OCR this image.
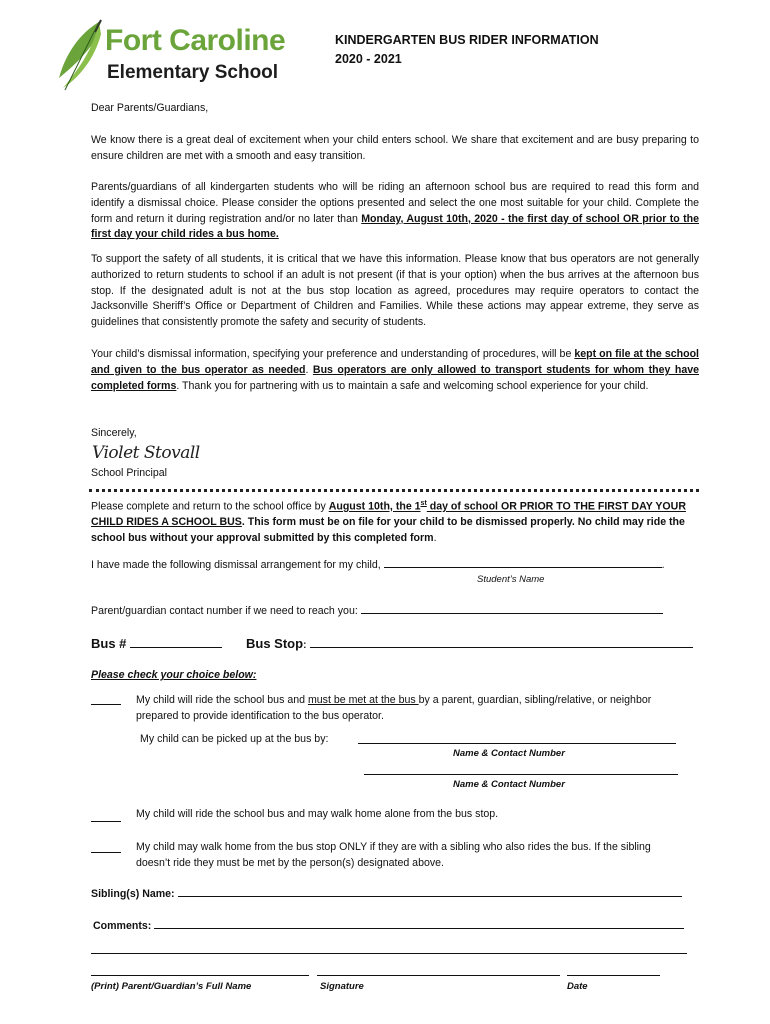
Fort Caroline
Elementary School
KINDERGARTEN BUS RIDER INFORMATION
2020 - 2021
Dear Parents/Guardians,
We know there is a great deal of excitement when your child enters school. We share that excitement and are busy preparing to ensure children are met with a smooth and easy transition.
Parents/guardians of all kindergarten students who will be riding an afternoon school bus are required to read this form and identify a dismissal choice. Please consider the options presented and select the one most suitable for your child. Complete the form and return it during registration and/or no later than Monday, August 10th, 2020 - the first day of school OR prior to the first day your child rides a bus home.
To support the safety of all students, it is critical that we have this information. Please know that bus operators are not generally authorized to return students to school if an adult is not present (if that is your option) when the bus arrives at the afternoon bus stop. If the designated adult is not at the bus stop location as agreed, procedures may require operators to contact the Jacksonville Sheriff’s Office or Department of Children and Families. While these actions may appear extreme, they serve as guidelines that consistently promote the safety and security of students.
Your child’s dismissal information, specifying your preference and understanding of procedures, will be kept on file at the school and given to the bus operator as needed. Bus operators are only allowed to transport students for whom they have completed forms. Thank you for partnering with us to maintain a safe and welcoming school experience for your child.
Sincerely,
Violet Stovall
School Principal
Please complete and return to the school office by August 10th, the 1st day of school OR PRIOR TO THE FIRST DAY YOUR CHILD RIDES A SCHOOL BUS. This form must be on file for your child to be dismissed properly. No child may ride the school bus without your approval submitted by this completed form.
I have made the following dismissal arrangement for my child,	.
Student’s Name
Parent/guardian contact number if we need to reach you:
Bus #	Bus Stop:
Please check your choice below:
My child will ride the school bus and must be met at the bus by a parent, guardian, sibling/relative, or neighbor prepared to provide identification to the bus operator.
My child can be picked up at the bus by:
Name & Contact Number
Name & Contact Number
My child will ride the school bus and may walk home alone from the bus stop.
My child may walk home from the bus stop ONLY if they are with a sibling who also rides the bus. If the sibling doesn’t ride they must be met by the person(s) designated above.
Sibling(s) Name:
Comments:
(Print) Parent/Guardian’s Full Name	Signature	Date
